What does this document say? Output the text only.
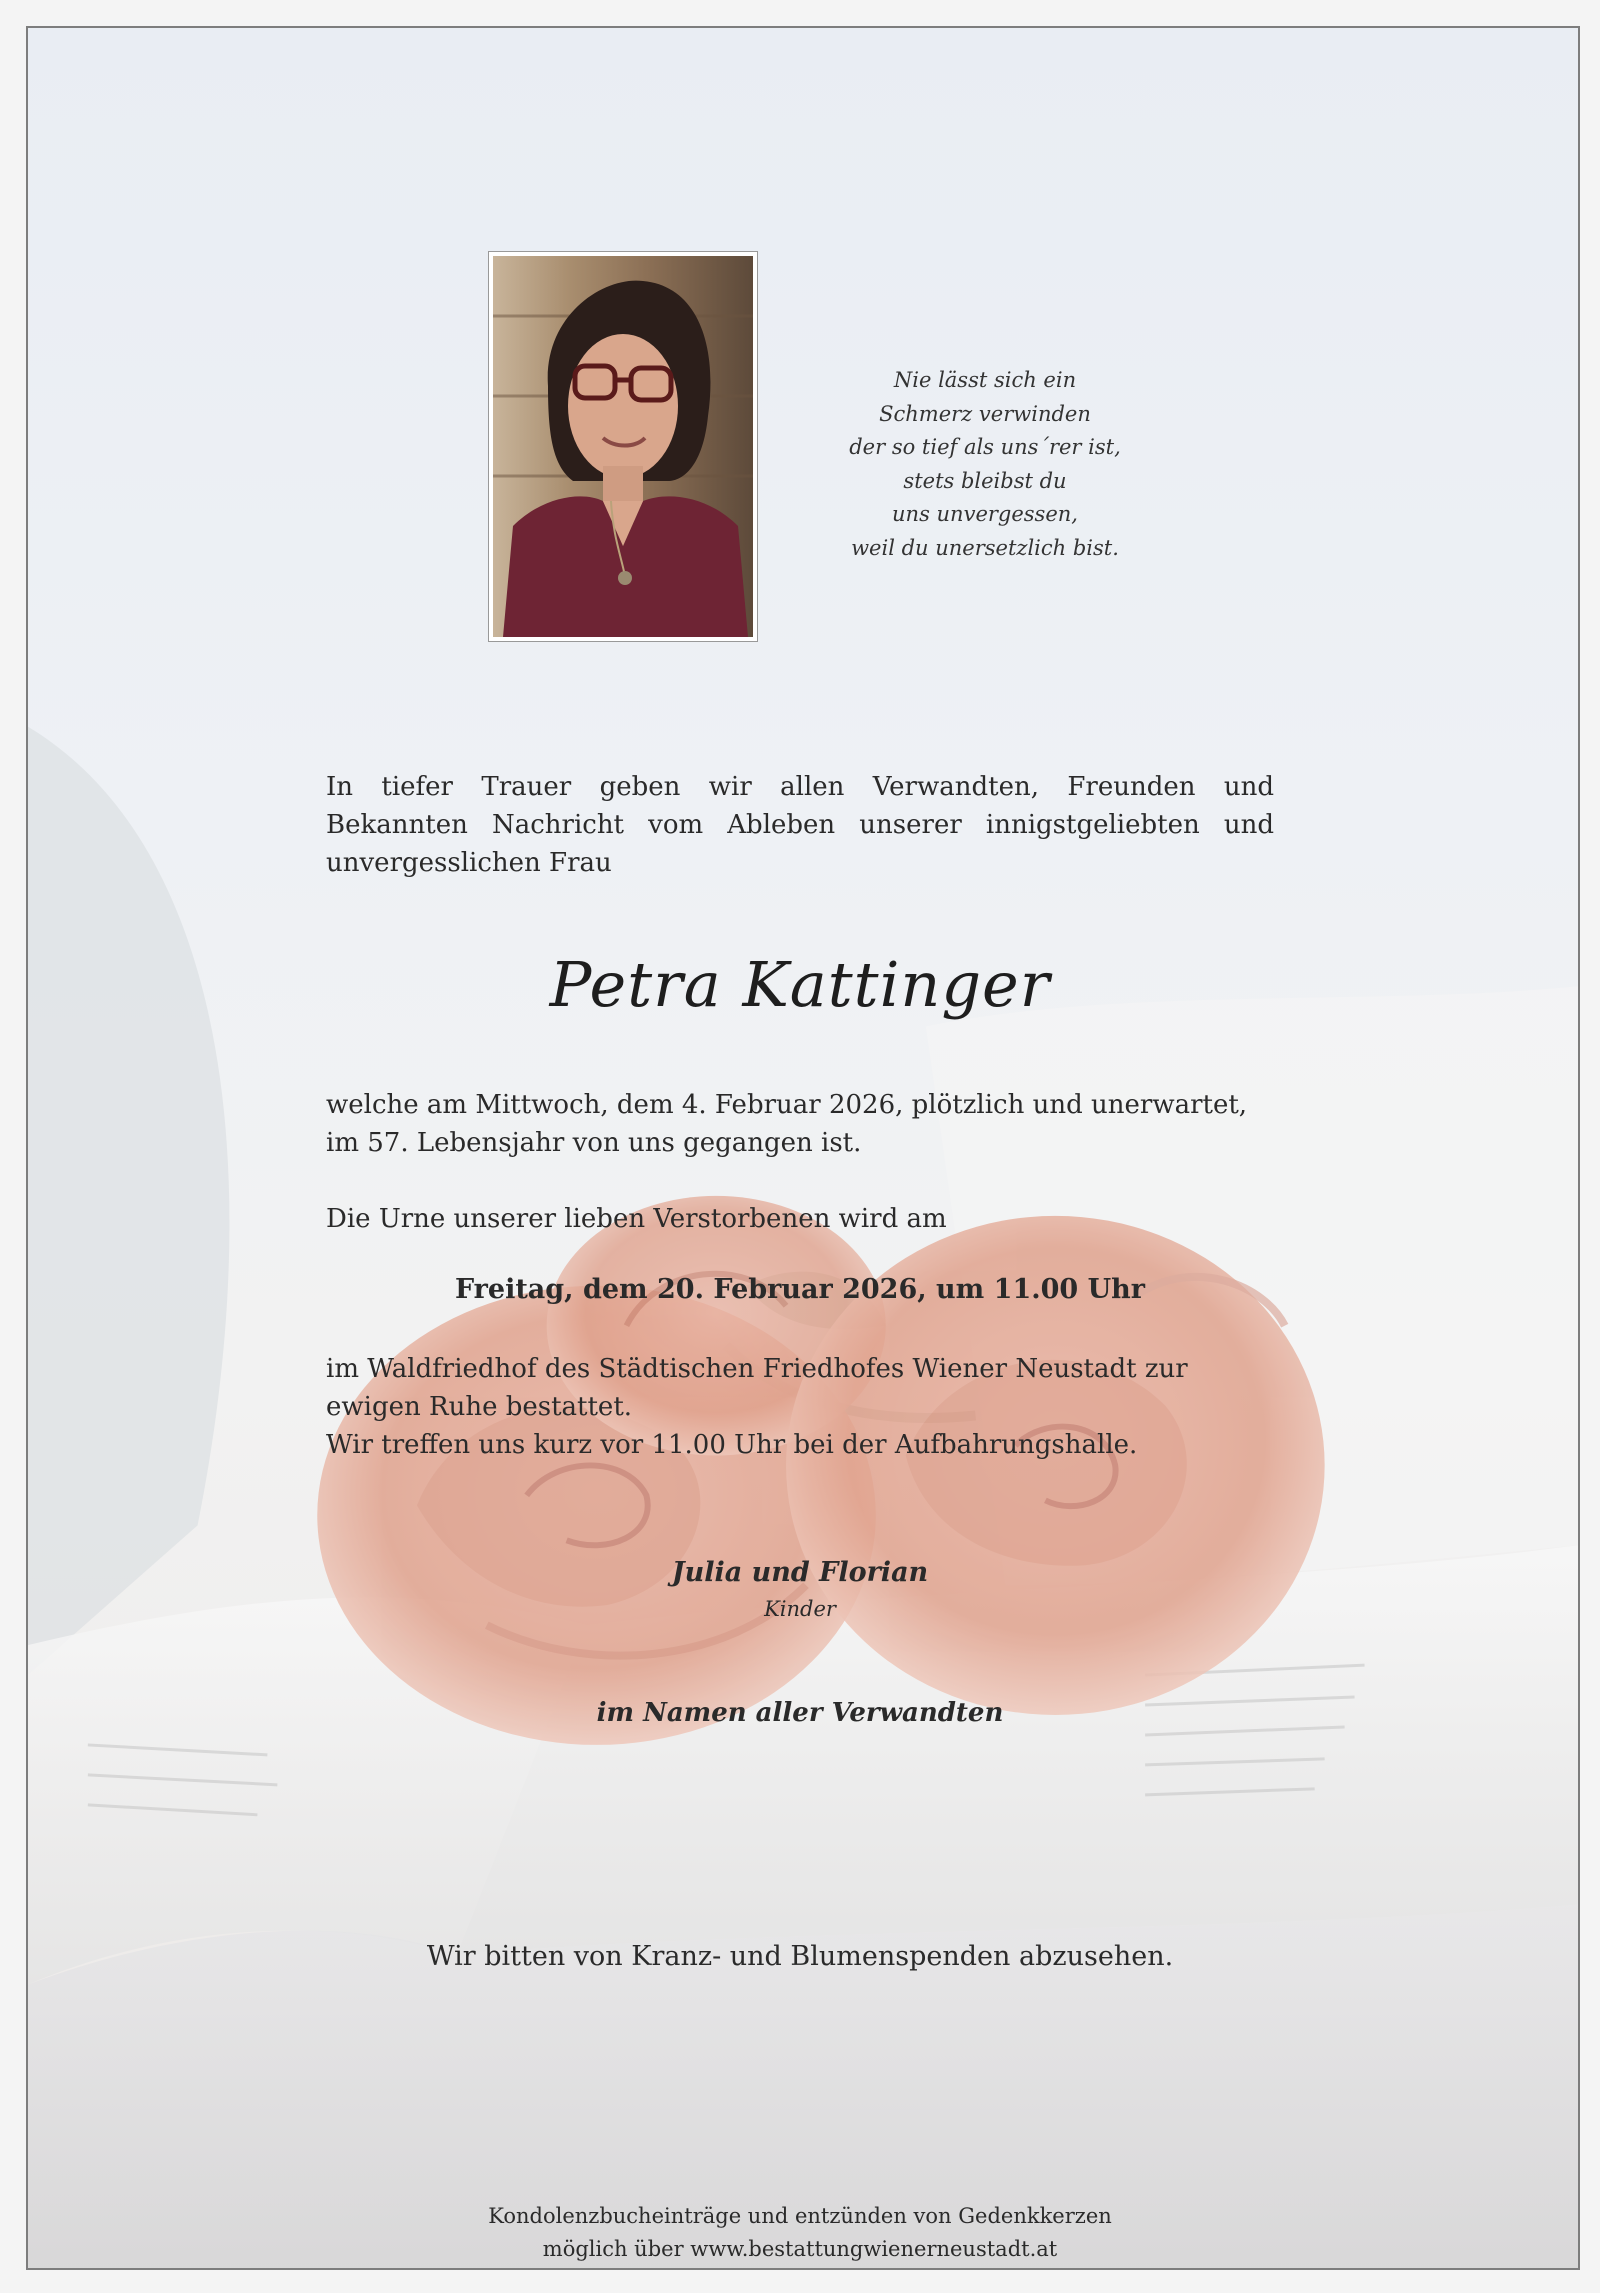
Nie lässt sich ein
Schmerz verwinden
der so tief als uns´rer ist,
stets bleibst du
uns unvergessen,
weil du unersetzlich bist.
In tiefer Trauer geben wir allen Verwandten, Freunden und
Bekannten Nachricht vom Ableben unserer innigstgeliebten und
unvergesslichen Frau
Petra Kattinger
welche am Mittwoch, dem 4. Februar 2026, plötzlich und unerwartet,
im 57. Lebensjahr von uns gegangen ist.
Die Urne unserer lieben Verstorbenen wird am
Freitag, dem 20. Februar 2026, um 11.00 Uhr
im Waldfriedhof des Städtischen Friedhofes Wiener Neustadt zur
ewigen Ruhe bestattet.
Wir treffen uns kurz vor 11.00 Uhr bei der Aufbahrungshalle.
Julia und Florian
Kinder
im Namen aller Verwandten
Wir bitten von Kranz- und Blumenspenden abzusehen.
Kondolenzbucheinträge und entzünden von Gedenkkerzen
möglich über www.bestattungwienerneustadt.at
